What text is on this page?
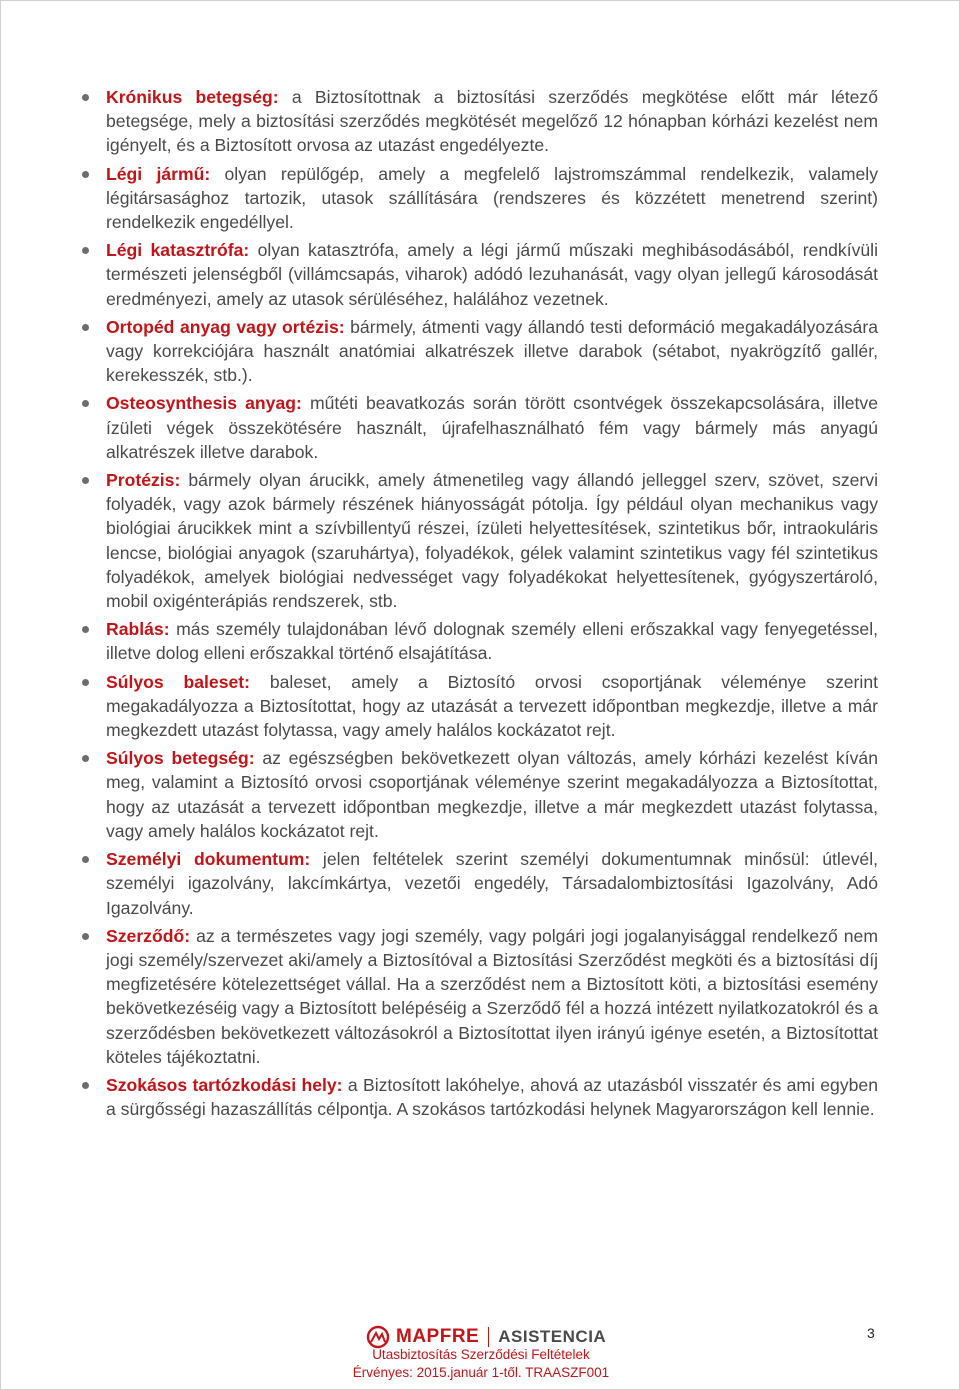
Krónikus betegség: a Biztosítottnak a biztosítási szerződés megkötése előtt már létező betegsége, mely a biztosítási szerződés megkötését megelőző 12 hónapban kórházi kezelést nem igényelt, és a Biztosított orvosa az utazást engedélyezte.
Légi jármű: olyan repülőgép, amely a megfelelő lajstromszámmal rendelkezik, valamely légitársasághoz tartozik, utasok szállítására (rendszeres és közzétett menetrend szerint) rendelkezik engedéllyel.
Légi katasztrófa: olyan katasztrófa, amely a légi jármű műszaki meghibásodásából, rendkívüli természeti jelenségből (villámcsapás, viharok) adódó lezuhanását, vagy olyan jellegű károsodását eredményezi, amely az utasok sérüléséhez, halálához vezetnek.
Ortopéd anyag vagy ortézis: bármely, átmenti vagy állandó testi deformáció megakadályozására vagy korrekciójára használt anatómiai alkatrészek illetve darabok (sétabot, nyakrögzítő gallér, kerekesszék, stb.).
Osteosynthesis anyag: műtéti beavatkozás során törött csontvégek összekapcsolására, illetve ízületi végek összekötésére használt, újrafelhasználható fém vagy bármely más anyagú alkatrészek illetve darabok.
Protézis: bármely olyan árucikk, amely átmenetileg vagy állandó jelleggel szerv, szövet, szervi folyadék, vagy azok bármely részének hiányosságát pótolja. Így például olyan mechanikus vagy biológiai árucikkek mint a szívbillentyű részei, ízületi helyettesítések, szintetikus bőr, intraokuláris lencse, biológiai anyagok (szaruhártya), folyadékok, gélek valamint szintetikus vagy fél szintetikus folyadékok, amelyek biológiai nedvességet vagy folyadékokat helyettesítenek, gyógyszertároló, mobil oxigénterápiás rendszerek, stb.
Rablás: más személy tulajdonában lévő dolognak személy elleni erőszakkal vagy fenyegetéssel, illetve dolog elleni erőszakkal történő elsajátítása.
Súlyos baleset: baleset, amely a Biztosító orvosi csoportjának véleménye szerint megakadályozza a Biztosítottat, hogy az utazását a tervezett időpontban megkezdje, illetve a már megkezdett utazást folytassa, vagy amely halálos kockázatot rejt.
Súlyos betegség: az egészségben bekövetkezett olyan változás, amely kórházi kezelést kíván meg, valamint a Biztosító orvosi csoportjának véleménye szerint megakadályozza a Biztosítottat, hogy az utazását a tervezett időpontban megkezdje, illetve a már megkezdett utazást folytassa, vagy amely halálos kockázatot rejt.
Személyi dokumentum: jelen feltételek szerint személyi dokumentumnak minősül: útlevél, személyi igazolvány, lakcímkártya, vezetői engedély, Társadalombiztosítási Igazolvány, Adó Igazolvány.
Szerződő: az a természetes vagy jogi személy, vagy polgári jogi jogalanyisággal rendelkező nem jogi személy/szervezet aki/amely a Biztosítóval a Biztosítási Szerződést megköti és a biztosítási díj megfizetésére kötelezettséget vállal. Ha a szerződést nem a Biztosított köti, a biztosítási esemény bekövetkezéséig vagy a Biztosított belépéséig a Szerződő fél a hozzá intézett nyilatkozatokról és a szerződésben bekövetkezett változásokról a Biztosítottat ilyen irányú igénye esetén, a Biztosítottat köteles tájékoztatni.
Szokásos tartózkodási hely: a Biztosított lakóhelye, ahová az utazásból visszatér és ami egyben a sürgősségi hazaszállítás célpontja. A szokásos tartózkodási helynek Magyarországon kell lennie.
MAPFRE ASISTENCIA
Utasbiztosítás Szerződési Feltételek
Érvényes: 2015.január 1-től. TRAASZF001
3
